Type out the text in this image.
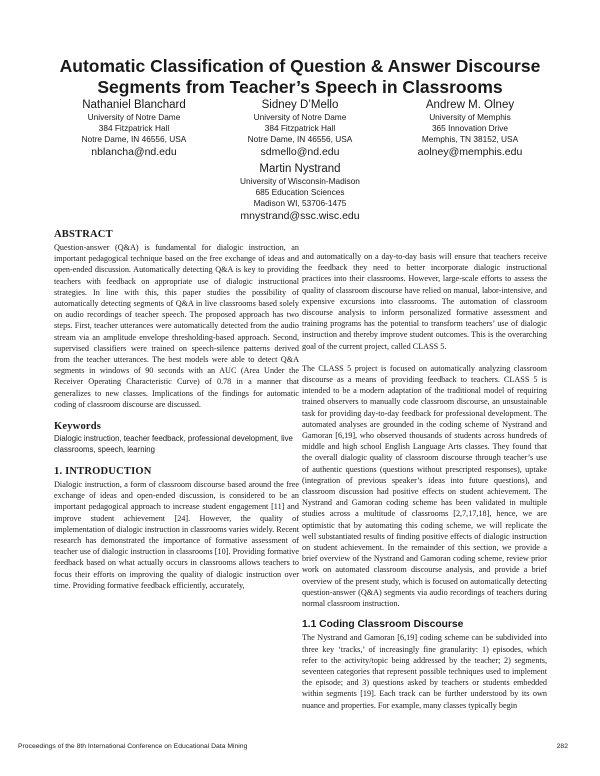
Automatic Classification of Question & Answer Discourse
Segments from Teacher’s Speech in Classrooms
Nathaniel Blanchard
University of Notre Dame
384 Fitzpatrick Hall
Notre Dame, IN 46556, USA
nblancha@nd.edu
Sidney D’Mello
University of Notre Dame
384 Fitzpatrick Hall
Notre Dame, IN 46556, USA
sdmello@nd.edu
Andrew M. Olney
University of Memphis
365 Innovation Drive
Memphis, TN 38152, USA
aolney@memphis.edu
Martin Nystrand
University of Wisconsin-Madison
685 Education Sciences
Madison WI, 53706-1475
mnystrand@ssc.wisc.edu
ABSTRACT

Question-answer (Q&A) is fundamental for dialogic instruction, an important pedagogical technique based on the free exchange of ideas and open-ended discussion. Automatically detecting Q&A is key to providing teachers with feedback on appropriate use of dialogic instructional strategies. In line with this, this paper studies the possibility of automatically detecting segments of Q&A in live classrooms based solely on audio recordings of teacher speech. The proposed approach has two steps. First, teacher utterances were automatically detected from the audio stream via an amplitude envelope thresholding-based approach. Second, supervised classifiers were trained on speech-silence patterns derived from the teacher utterances. The best models were able to detect Q&A segments in windows of 90 seconds with an AUC (Area Under the Receiver Operating Characteristic Curve) of 0.78 in a manner that generalizes to new classes. Implications of the findings for automatic coding of classroom discourse are discussed.

Keywords

Dialogic instruction, teacher feedback, professional development, live classrooms, speech, learning

1. INTRODUCTION

Dialogic instruction, a form of classroom discourse based around the free exchange of ideas and open-ended discussion, is considered to be an important pedagogical approach to increase student engagement [11] and improve student achievement [24]. However, the quality of implementation of dialogic instruction in classrooms varies widely. Recent research has demonstrated the importance of formative assessment of teacher use of dialogic instruction in classrooms [10]. Providing formative feedback based on what actually occurs in classrooms allows teachers to focus their efforts on improving the quality of dialogic instruction over time. Providing formative feedback efficiently, accurately,

and automatically on a day-to-day basis will ensure that teachers receive the feedback they need to better incorporate dialogic instructional practices into their classrooms. However, large-scale efforts to assess the quality of classroom discourse have relied on manual, labor-intensive, and expensive excursions into classrooms. The automation of classroom discourse analysis to inform personalized formative assessment and training programs has the potential to transform teachers’ use of dialogic instruction and thereby improve student outcomes. This is the overarching goal of the current project, called CLASS 5.

The CLASS 5 project is focused on automatically analyzing classroom discourse as a means of providing feedback to teachers. CLASS 5 is intended to be a modern adaptation of the traditional model of requiring trained observers to manually code classroom discourse, an unsustainable task for providing day-to-day feedback for professional development. The automated analyses are grounded in the coding scheme of Nystrand and Gamoran [6,19], who observed thousands of students across hundreds of middle and high school English Language Arts classes. They found that the overall dialogic quality of classroom discourse through teacher’s use of authentic questions (questions without prescripted responses), uptake (integration of previous speaker’s ideas into future questions), and classroom discussion had positive effects on student achievement. The Nystrand and Gamoran coding scheme has been validated in multiple studies across a multitude of classrooms [2,7,17,18], hence, we are optimistic that by automating this coding scheme, we will replicate the well substantiated results of finding positive effects of dialogic instruction on student achievement. In the remainder of this section, we provide a brief overview of the Nystrand and Gamoran coding scheme, review prior work on automated classroom discourse analysis, and provide a brief overview of the present study, which is focused on automatically detecting question-answer (Q&A) segments via audio recordings of teachers during normal classroom instruction.

1.1 Coding Classroom Discourse

The Nystrand and Gamoran [6,19] coding scheme can be subdivided into three key ‘tracks,’ of increasingly fine granularity: 1) episodes, which refer to the activity/topic being addressed by the teacher; 2) segments, seventeen categories that represent possible techniques used to implement the episode; and 3) questions asked by teachers or students embedded within segments [19]. Each track can be further understood by its own nuance and properties. For example, many classes typically begin

Proceedings of the 8th International Conference on Educational Data Mining	282
